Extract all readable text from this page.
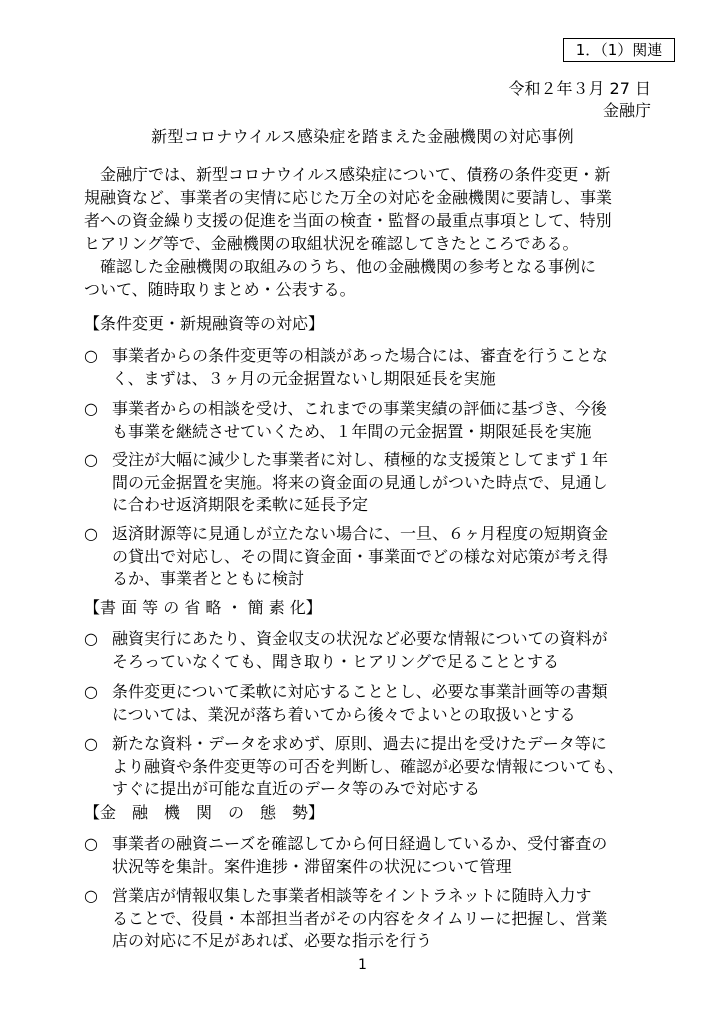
1．（1）関連
令和２年３月 27 日
金融庁
新型コロナウイルス感染症を踏まえた金融機関の対応事例
　金融庁では、新型コロナウイルス感染症について、債務の条件変更・新
規融資など、事業者の実情に応じた万全の対応を金融機関に要請し、事業
者への資金繰り支援の促進を当面の検査・監督の最重点事項として、特別
ヒアリング等で、金融機関の取組状況を確認してきたところである。
　確認した金融機関の取組みのうち、他の金融機関の参考となる事例に
ついて、随時取りまとめ・公表する。
【条件変更・新規融資等の対応】
○ 事業者からの条件変更等の相談があった場合には、審査を行うことな
く、まずは、３ヶ月の元金据置ないし期限延長を実施
○ 事業者からの相談を受け、これまでの事業実績の評価に基づき、今後
も事業を継続させていくため、１年間の元金据置・期限延長を実施
○ 受注が大幅に減少した事業者に対し、積極的な支援策としてまず１年
間の元金据置を実施。将来の資金面の見通しがついた時点で、見通し
に合わせ返済期限を柔軟に延長予定
○ 返済財源等に見通しが立たない場合に、一旦、６ヶ月程度の短期資金
の貸出で対応し、その間に資金面・事業面でどの様な対応策が考え得
るか、事業者とともに検討
【書 面 等 の 省 略 ・ 簡 素 化】
○ 融資実行にあたり、資金収支の状況など必要な情報についての資料が
そろっていなくても、聞き取り・ヒアリングで足ることとする
○ 条件変更について柔軟に対応することとし、必要な事業計画等の書類
については、業況が落ち着いてから後々でよいとの取扱いとする
○ 新たな資料・データを求めず、原則、過去に提出を受けたデータ等に
より融資や条件変更等の可否を判断し、確認が必要な情報についても、
すぐに提出が可能な直近のデータ等のみで対応する
【金　融　機　関　の　態　勢】
○ 事業者の融資ニーズを確認してから何日経過しているか、受付審査の
状況等を集計。案件進捗・滞留案件の状況について管理
○ 営業店が情報収集した事業者相談等をイントラネットに随時入力す
ることで、役員・本部担当者がその内容をタイムリーに把握し、営業
店の対応に不足があれば、必要な指示を行う
1
